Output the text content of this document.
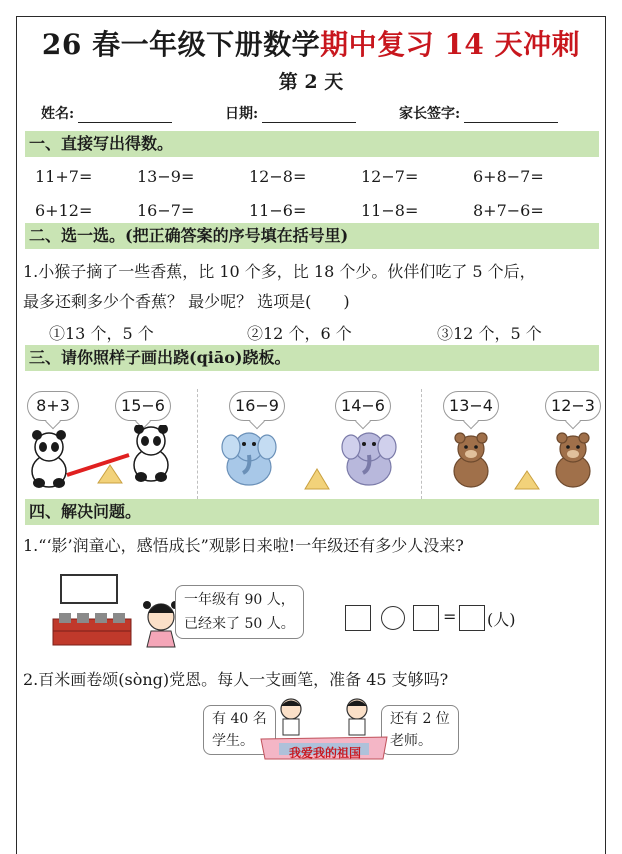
26 春一年级下册数学期中复习 14 天冲刺
第 2 天
姓名:	日期:	家长签字:
一、直接写出得数。
11+7=	13−9=	12−8=	12−7=	6+8−7=
6+12=	16−7=	11−6=	11−8=	8+7−6=
二、选一选。(把正确答案的序号填在括号里)
1.小猴子摘了一些香蕉，比 10 个多，比 18 个少。伙伴们吃了 5 个后，
最多还剩多少个香蕉？ 最少呢？ 选项是(　　)
①13 个，5 个	②12 个，6 个	③12 个，5 个
三、请你照样子画出跷(qiāo)跷板。
8+3	15−6	16−9	14−6	13−4	12−3
四、解决问题。
1.“‘影’润童心，感悟成长”观影日来啦!一年级还有多少人没来?
一年级有 90 人，
已经来了 50 人。	= (人)
2.百米画卷颂(sòng)党恩。每人一支画笔，准备 45 支够吗?
有 40 名
学生。
还有 2 位
老师。
我爱我的祖国
